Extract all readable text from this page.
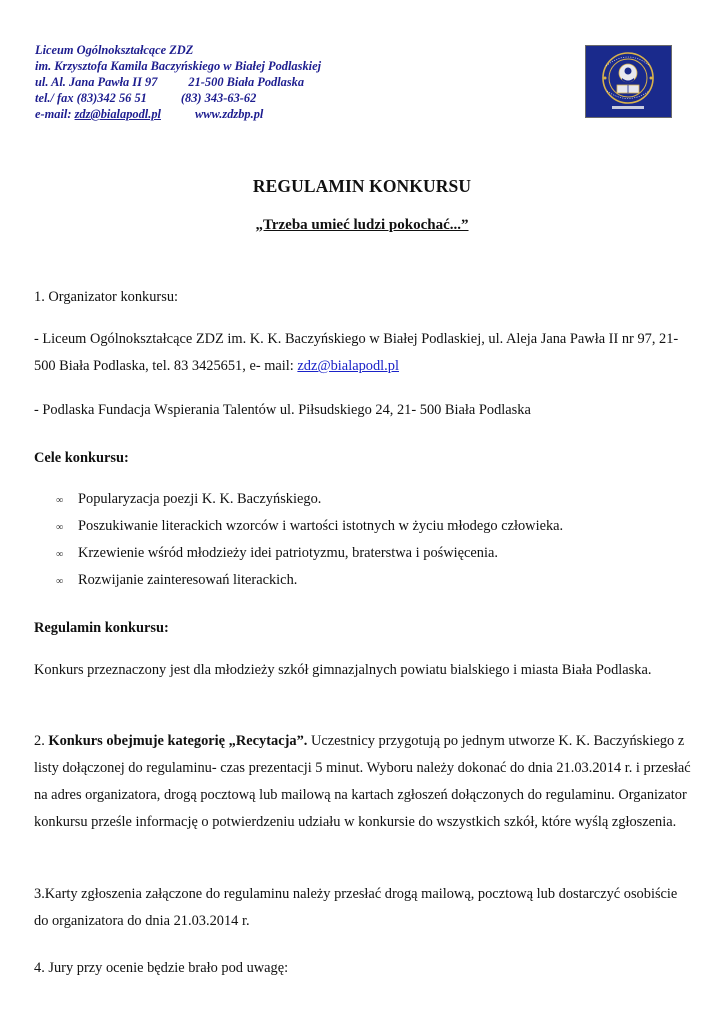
Liceum Ogólnokształcące ZDZ
im. Krzysztofa Kamila Baczyńskiego w Białej Podlaskiej
ul. Al. Jana Pawła II 97          21-500 Biała Podlaska
tel./ fax (83)342 56 51           (83) 343-63-62
e-mail: zdz@bialapodl.pl	www.zdzbp.pl
REGULAMIN KONKURSU
„Trzeba umieć ludzi pokochać...”

1. Organizator konkursu:

- Liceum Ogólnokształcące ZDZ im. K. K. Baczyńskiego w Białej Podlaskiej, ul. Aleja Jana Pawła II nr 97, 21- 500 Biała Podlaska, tel. 83 3425651, e- mail: zdz@bialapodl.pl

- Podlaska Fundacja Wspierania Talentów ul. Piłsudskiego 24, 21- 500 Biała Podlaska

Cele konkursu:

∞ Popularyzacja poezji K. K. Baczyńskiego.
∞ Poszukiwanie literackich wzorców i wartości istotnych w życiu młodego człowieka.
∞ Krzewienie wśród młodzieży idei patriotyzmu, braterstwa i poświęcenia.
∞ Rozwijanie zainteresowań literackich.

Regulamin konkursu:

Konkurs przeznaczony jest dla młodzieży szkół gimnazjalnych powiatu bialskiego i miasta Biała Podlaska.

2. Konkurs obejmuje kategorię „Recytacja”. Uczestnicy przygotują po jednym utworze K. K. Baczyńskiego z listy dołączonej do regulaminu- czas prezentacji 5 minut. Wyboru należy dokonać do dnia 21.03.2014 r. i przesłać na adres organizatora, drogą pocztową lub mailową na kartach zgłoszeń dołączonych do regulaminu. Organizator konkursu prześle informację o potwierdzeniu udziału w konkursie do wszystkich szkół, które wyślą zgłoszenia.

3.Karty zgłoszenia załączone do regulaminu należy przesłać drogą mailową, pocztową lub dostarczyć osobiście do organizatora do dnia 21.03.2014 r.

4. Jury przy ocenie będzie brało pod uwagę:
